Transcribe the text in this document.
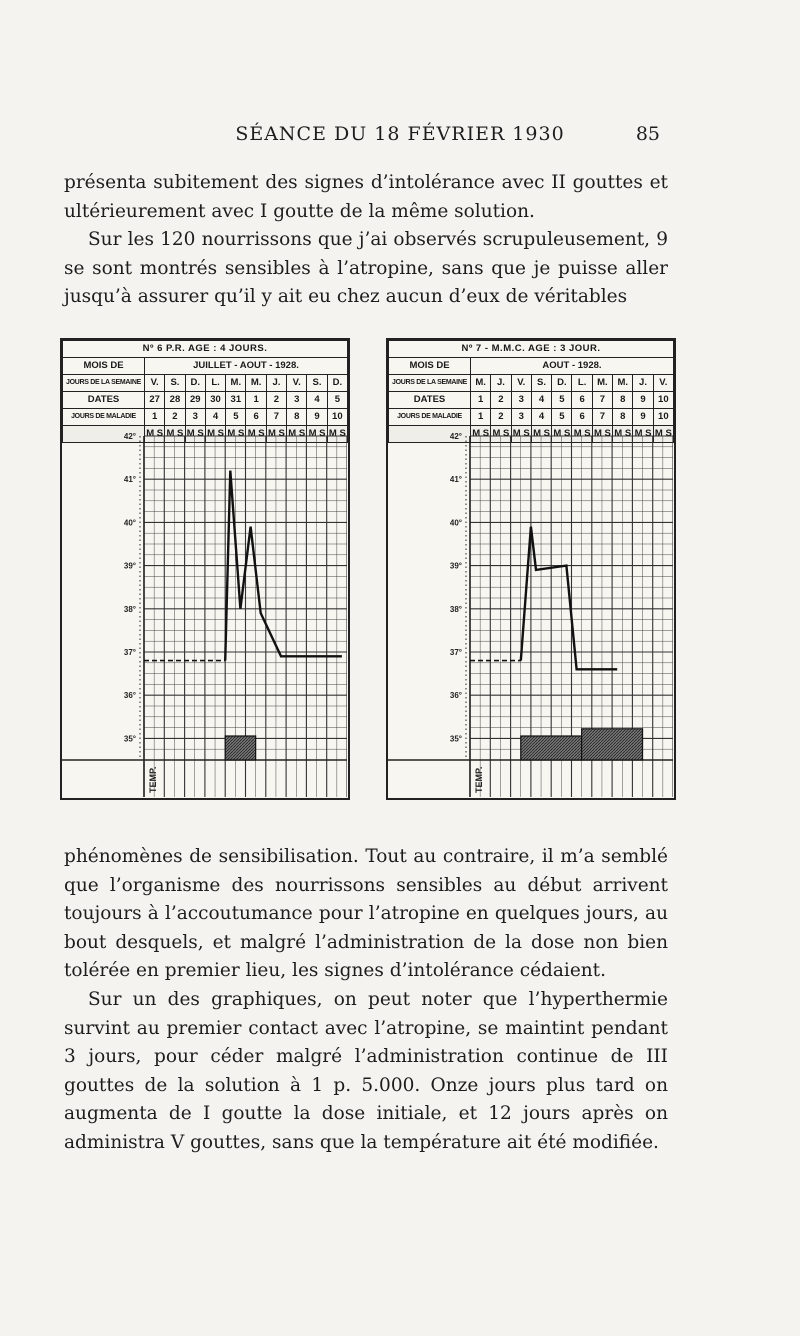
SÉANCE DU 18 FÉVRIER 1930	85

présenta subitement des signes d’intolérance avec II gouttes et ultérieurement avec I goutte de la même solution.

Sur les 120 nourrissons que j’ai observés scrupuleusement, 9 se sont montrés sensibles à l’atropine, sans que je puisse aller jusqu’à assurer qu’il y ait eu chez aucun d’eux de véritables

Nº 6 P.R. AGE : 4 JOURS.										
MOIS DE	JUILLET - AOUT - 1928.									
JOURS DE LA SEMAINE	V.	S.	D.	L.	M.	M.	J.	V.	S.	D.
DATES	27	28	29	30	31	1	2	3	4	5
JOURS DE MALADIE	1	2	3	4	5	6	7	8	9	10
	M S	M S	M S	M S	M S	M S	M S	M S	M S	M S
42°
41°
40°
39°
38°
37°
36°
35°
TEMP.
Nº 7 - M.M.C. AGE : 3 JOUR.										
MOIS DE	AOUT - 1928.									
JOURS DE LA SEMAINE	M.	J.	V.	S.	D.	L.	M.	M.	J.	V.
DATES	1	2	3	4	5	6	7	8	9	10
JOURS DE MALADIE	1	2	3	4	5	6	7	8	9	10
	M S	M S	M S	M S	M S	M S	M S	M S	M S	M S
42°
41°
40°
39°
38°
37°
36°
35°
TEMP.

phénomènes de sensibilisation. Tout au contraire, il m’a semblé que l’organisme des nourrissons sensibles au début arrivent toujours à l’accoutumance pour l’atropine en quelques jours, au bout desquels, et malgré l’administration de la dose non bien tolérée en premier lieu, les signes d’intolérance cédaient.

Sur un des graphiques, on peut noter que l’hyperthermie survint au premier contact avec l’atropine, se maintint pendant 3 jours, pour céder malgré l’administration continue de III gouttes de la solution à 1 p. 5.000. Onze jours plus tard on augmenta de I goutte la dose initiale, et 12 jours après on administra V gouttes, sans que la température ait été modifiée.
